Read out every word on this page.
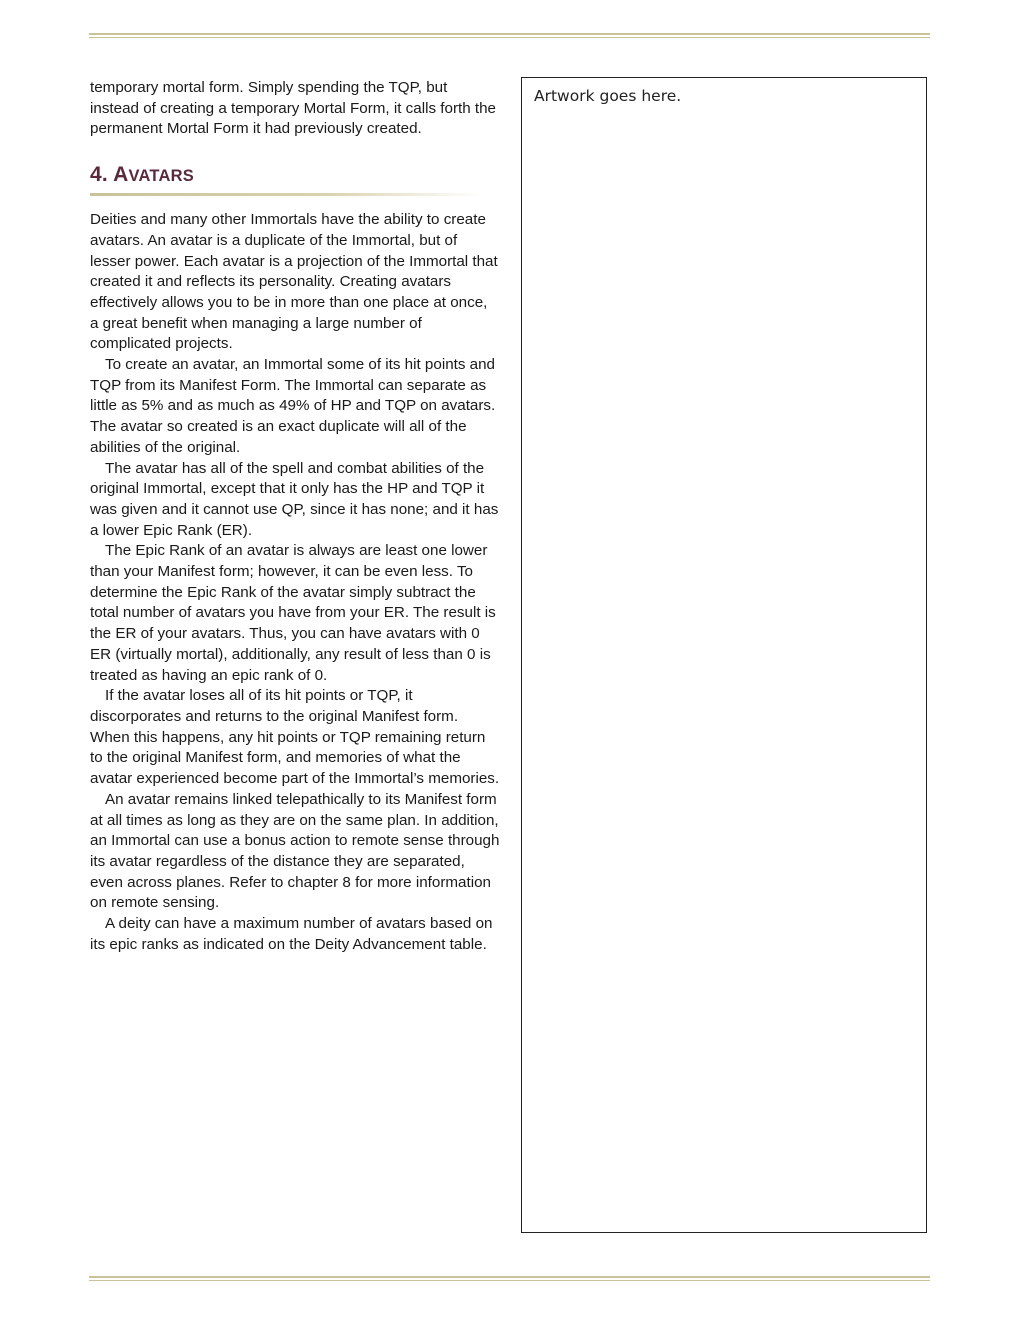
temporary mortal form. Simply spending the TQP, but instead of creating a temporary Mortal Form, it calls forth the permanent Mortal Form it had previously created.

4. AVATARS

Deities and many other Immortals have the ability to create avatars. An avatar is a duplicate of the Immortal, but of lesser power. Each avatar is a projection of the Immortal that created it and reflects its personality. Creating avatars effectively allows you to be in more than one place at once, a great benefit when managing a large number of complicated projects.

To create an avatar, an Immortal some of its hit points and TQP from its Manifest Form. The Immortal can separate as little as 5% and as much as 49% of HP and TQP on avatars. The avatar so created is an exact duplicate will all of the abilities of the original.

The avatar has all of the spell and combat abilities of the original Immortal, except that it only has the HP and TQP it was given and it cannot use QP, since it has none; and it has a lower Epic Rank (ER).

The Epic Rank of an avatar is always are least one lower than your Manifest form; however, it can be even less. To determine the Epic Rank of the avatar simply subtract the total number of avatars you have from your ER. The result is the ER of your avatars. Thus, you can have avatars with 0 ER (virtually mortal), additionally, any result of less than 0 is treated as having an epic rank of 0.

If the avatar loses all of its hit points or TQP, it discorporates and returns to the original Manifest form. When this happens, any hit points or TQP remaining return to the original Manifest form, and memories of what the avatar experienced become part of the Immortal’s memories.

An avatar remains linked telepathically to its Manifest form at all times as long as they are on the same plan. In addition, an Immortal can use a bonus action to remote sense through its avatar regardless of the distance they are separated, even across planes. Refer to chapter 8 for more information on remote sensing.

A deity can have a maximum number of avatars based on its epic ranks as indicated on the Deity Advancement table.

Artwork goes here.
